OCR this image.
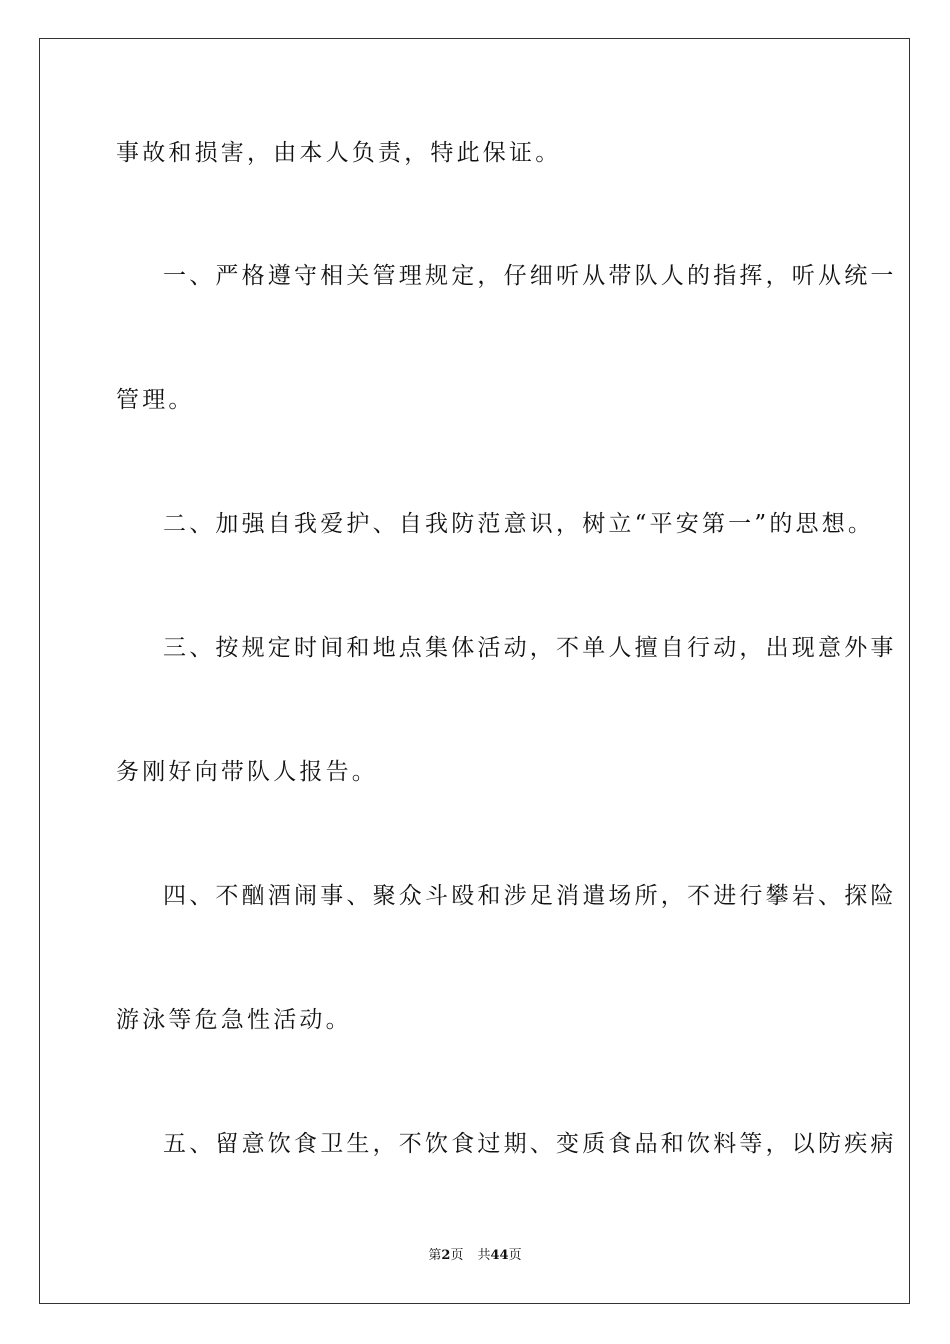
事故和损害，由本人负责，特此保证。
一、严格遵守相关管理规定，仔细听从带队人的指挥，听从统一
管理。
二、加强自我爱护、自我防范意识，树立“平安第一”的思想。
三、按规定时间和地点集体活动，不单人擅自行动，出现意外事
务刚好向带队人报告。
四、不酗酒闹事、聚众斗殴和涉足消遣场所，不进行攀岩、探险
游泳等危急性活动。
五、留意饮食卫生，不饮食过期、变质食品和饮料等，以防疾病
第2页 共44页
